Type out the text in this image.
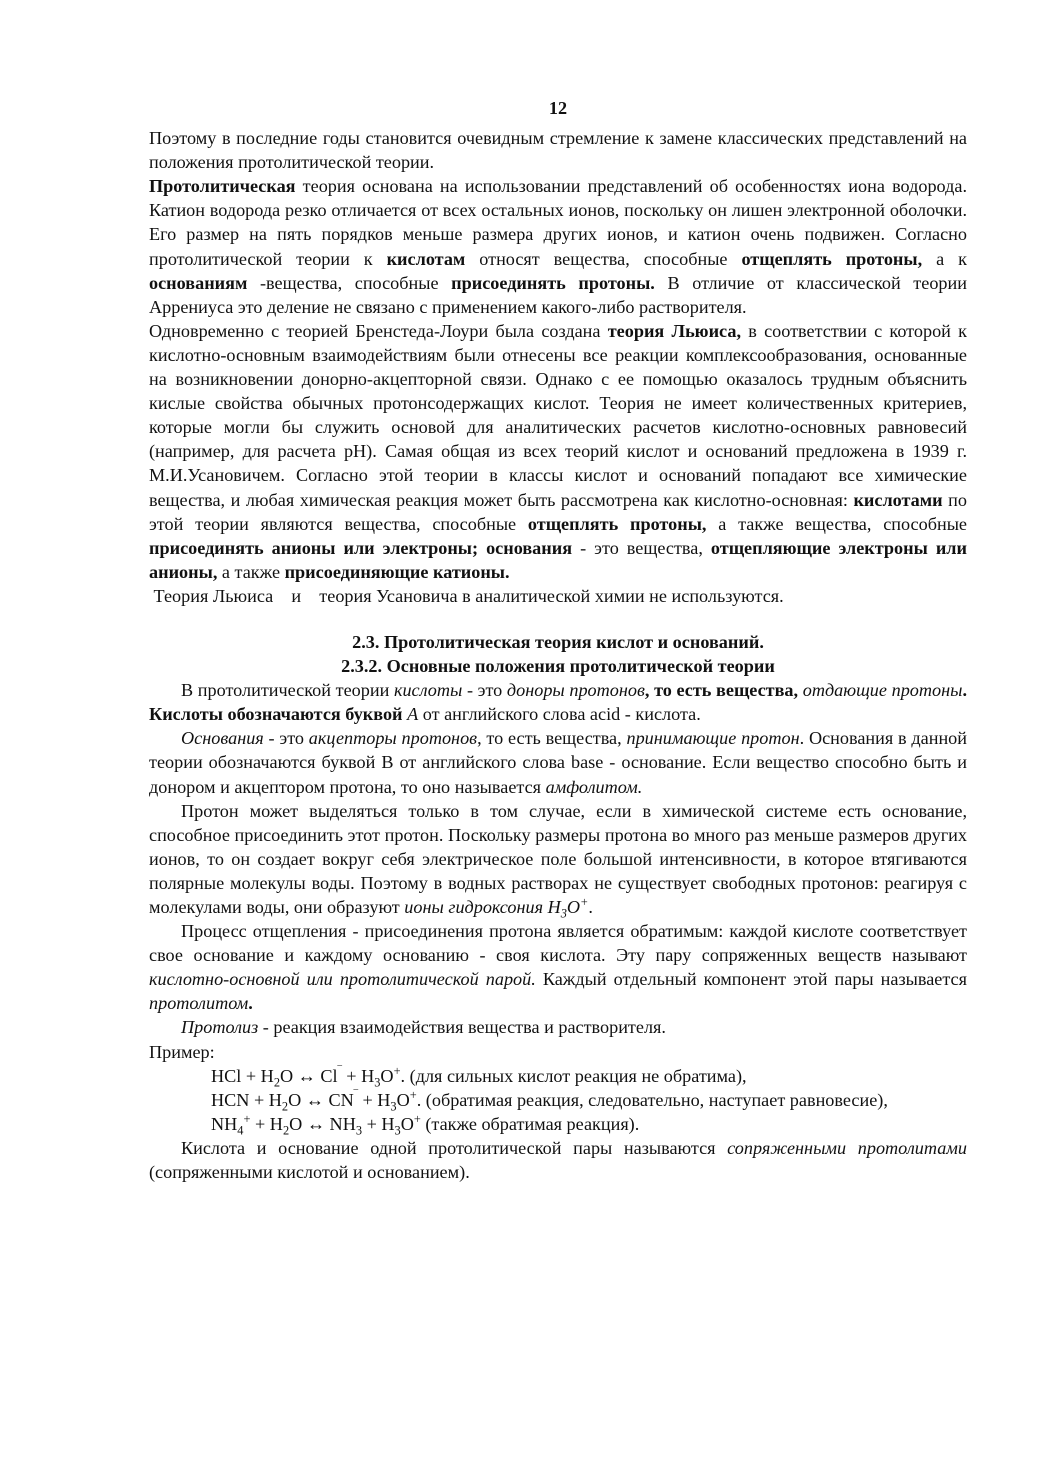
12

Поэтому в последние годы становится очевидным стремление к замене классических представлений на положения протолитической теории.

Протолитическая теория основана на использовании представлений об особенностях иона водорода. Катион водорода резко отличается от всех остальных ионов, поскольку он лишен электронной оболочки. Его размер на пять порядков меньше размера других ионов, и катион очень подвижен. Согласно протолитической теории к кислотам относят вещества, способные отщеплять протоны, а к основаниям -вещества, способные присоединять протоны. В отличие от классической теории Аррениуса это деление не связано с применением какого-либо растворителя.

Одновременно с теорией Бренстеда-Лоури была создана теория Льюиса, в соответствии с которой к кислотно-основным взаимодействиям были отнесены все реакции комплексообразования, основанные на возникновении донорно-акцепторной связи. Однако с ее помощью оказалось трудным объяснить кислые свойства обычных протонсодержащих кислот. Теория не имеет количественных критериев, которые могли бы служить основой для аналитических расчетов кислотно-основных равновесий (например, для расчета pH). Самая общая из всех теорий кислот и оснований предложена в 1939 г. М.И.Усановичем. Согласно этой теории в классы кислот и оснований попадают все химические вещества, и любая химическая реакция может быть рассмотрена как кислотно-основная: кислотами по этой теории являются вещества, способные отщеплять протоны, а также вещества, способные присоединять анионы или электроны; основания - это вещества, отщепляющие электроны или анионы, а также присоединяющие катионы.

Теория Льюиса    и    теория Усановича в аналитической химии не используются.

2.3. Протолитическая теория кислот и оснований.

2.3.2. Основные положения протолитической теории

В протолитической теории кислоты - это доноры протонов, то есть вещества, отдающие протоны. Кислоты обозначаются буквой А от английского слова acid - кислота.

Основания - это акцепторы протонов, то есть вещества, принимающие протон. Основания в данной теории обозначаются буквой В от английского слова base - основание. Если вещество способно быть и донором и акцептором протона, то оно называется амфолитом.

Протон может выделяться только в том случае, если в химической системе есть основание, способное присоединить этот протон. Поскольку размеры протона во много раз меньше размеров других ионов, то он создает вокруг себя электрическое поле большой интенсивности, в которое втягиваются полярные молекулы воды. Поэтому в водных растворах не существует свободных протонов: реагируя с молекулами воды, они образуют ионы гидроксония $H_3O^+$.

Процесс отщепления - присоединения протона является обратимым: каждой кислоте соответствует свое основание и каждому основанию - своя кислота. Эту пару сопряженных веществ называют кислотно-основной или протолитической парой. Каждый отдельный компонент этой пары называется протолитом.

Протолиз - реакция взаимодействия вещества и растворителя.

Пример:

HCl + $H_2O$ ↔ $Cl^‾ + H_3O^+$. (для сильных кислот реакция не обратима),

HCN + $H_2O$ ↔ $CN^‾ + H_3O^+$. (обратимая реакция, следовательно, наступает равновесие),

$NH_4^+ + H_2O$ ↔ $NH_3 + H_3O^+$ (также обратимая реакция).

Кислота и основание одной протолитической пары называются сопряженными протолитами (сопряженными кислотой и основанием).
